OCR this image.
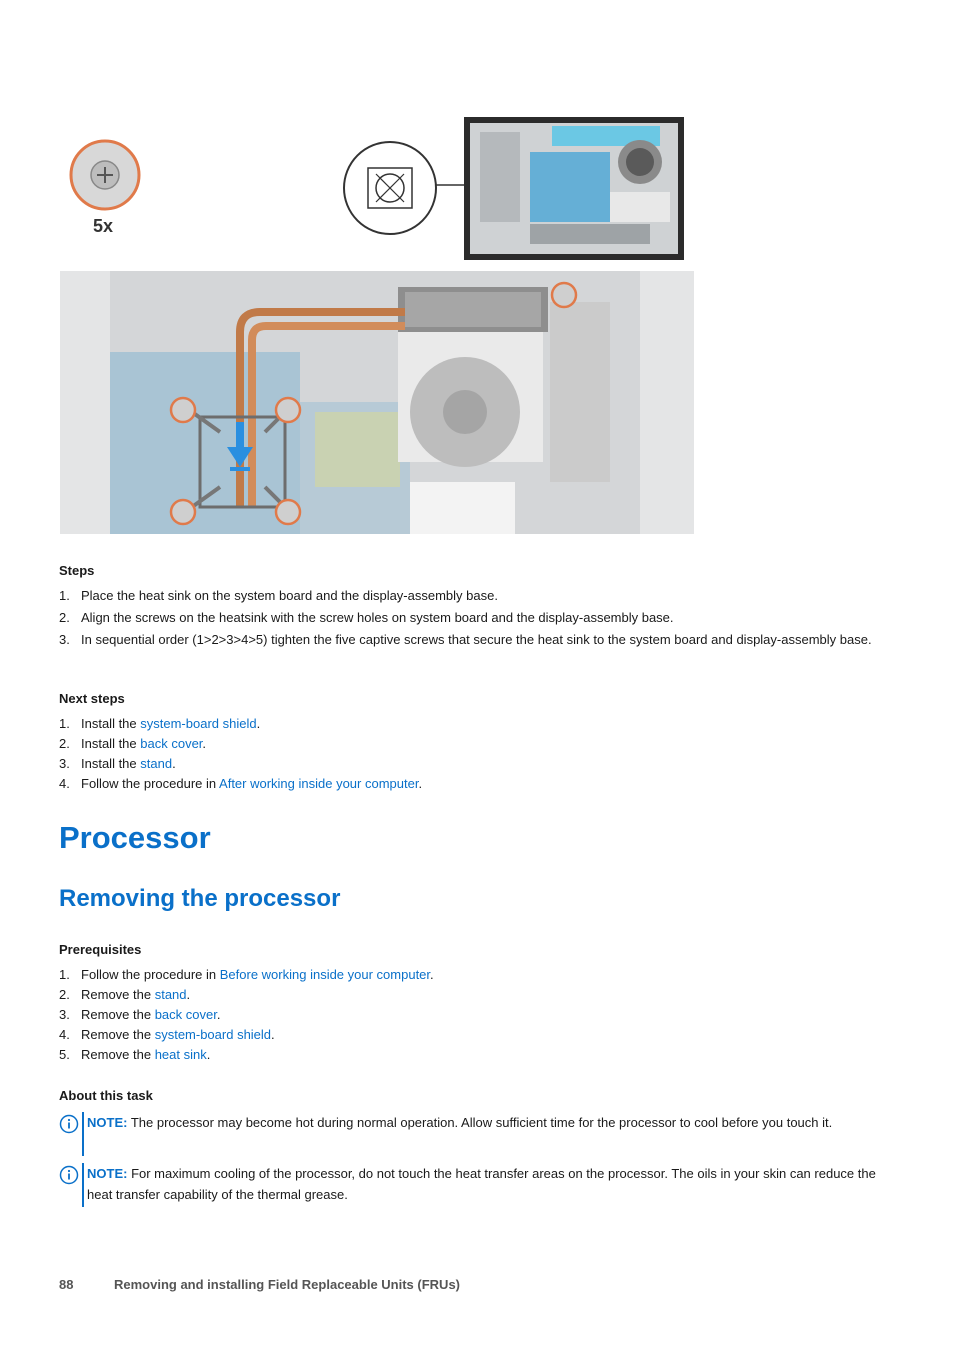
5x
Steps
1. Place the heat sink on the system board and the display-assembly base.
2. Align the screws on the heatsink with the screw holes on system board and the display-assembly base.
3. In sequential order (1>2>3>4>5) tighten the five captive screws that secure the heat sink to the system board and display-assembly base.
Next steps
1. Install the system-board shield.
2. Install the back cover.
3. Install the stand.
4. Follow the procedure in After working inside your computer.
Processor
Removing the processor
Prerequisites
1. Follow the procedure in Before working inside your computer.
2. Remove the stand.
3. Remove the back cover.
4. Remove the system-board shield.
5. Remove the heat sink.
About this task
NOTE: The processor may become hot during normal operation. Allow sufficient time for the processor to cool before you touch it.
NOTE: For maximum cooling of the processor, do not touch the heat transfer areas on the processor. The oils in your skin can reduce the heat transfer capability of the thermal grease.
88	Removing and installing Field Replaceable Units (FRUs)
